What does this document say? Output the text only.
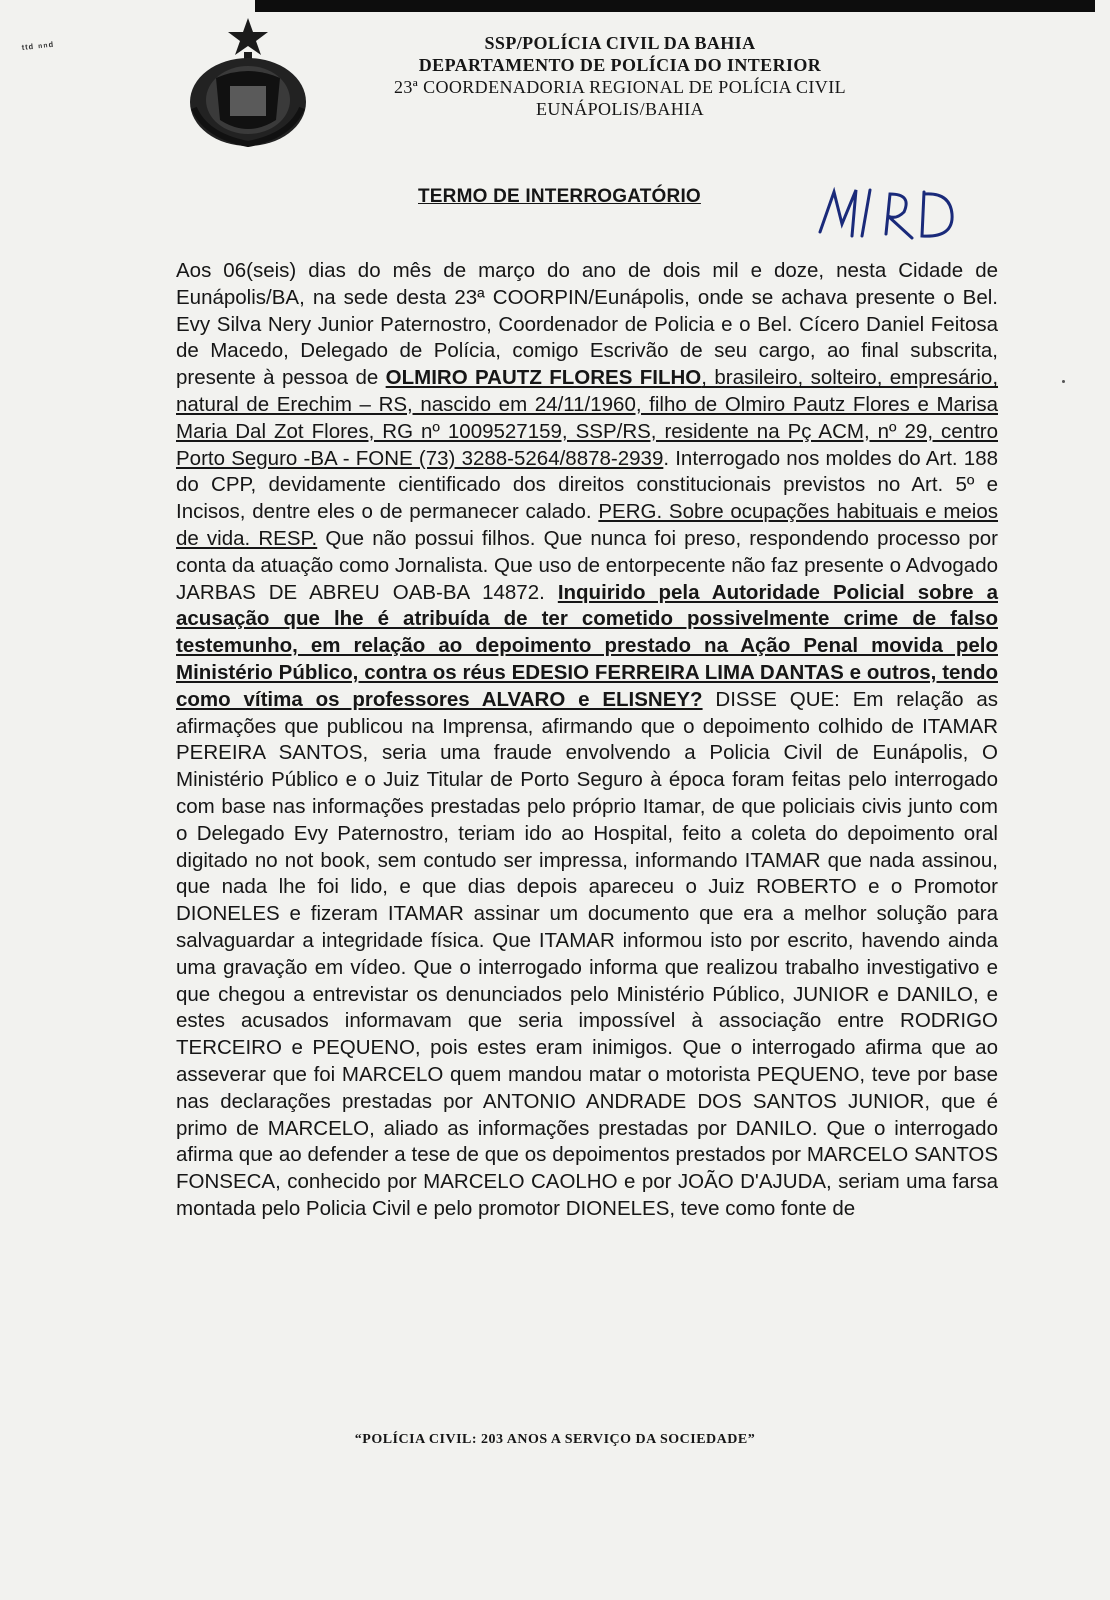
ᵗᵗᵈ ⁿⁿᵈ	SSP/POLÍCIA CIVIL DA BAHIA
DEPARTAMENTO DE POLÍCIA DO INTERIOR
23ª COORDENADORIA REGIONAL DE POLÍCIA CIVIL
EUNÁPOLIS/BAHIA
TERMO DE INTERROGATÓRIO

Aos 06(seis) dias do mês de março do ano de dois mil e doze, nesta Cidade de Eunápolis/BA, na sede desta 23ª COORPIN/Eunápolis, onde se achava presente o Bel. Evy Silva Nery Junior Paternostro, Coordenador de Policia e o Bel. Cícero Daniel Feitosa de Macedo, Delegado de Polícia, comigo Escrivão de seu cargo, ao final subscrita, presente à pessoa de OLMIRO PAUTZ FLORES FILHO, brasileiro, solteiro, empresário, natural de Erechim – RS, nascido em 24/11/1960, filho de Olmiro Pautz Flores e Marisa Maria Dal Zot Flores, RG nº 1009527159, SSP/RS, residente na Pç ACM, nº 29, centro Porto Seguro -BA - FONE (73) 3288-5264/8878-2939. Interrogado nos moldes do Art. 188 do CPP, devidamente cientificado dos direitos constitucionais previstos no Art. 5º e Incisos, dentre eles o de permanecer calado. PERG. Sobre ocupações habituais e meios de vida. RESP. Que não possui filhos. Que nunca foi preso, respondendo processo por conta da atuação como Jornalista. Que uso de entorpecente não faz presente o Advogado JARBAS DE ABREU OAB-BA 14872. Inquirido pela Autoridade Policial sobre a acusação que lhe é atribuída de ter cometido possivelmente crime de falso testemunho, em relação ao depoimento prestado na Ação Penal movida pelo Ministério Público, contra os réus EDESIO FERREIRA LIMA DANTAS e outros, tendo como vítima os professores ALVARO e ELISNEY? DISSE QUE: Em relação as afirmações que publicou na Imprensa, afirmando que o depoimento colhido de ITAMAR PEREIRA SANTOS, seria uma fraude envolvendo a Policia Civil de Eunápolis, O Ministério Público e o Juiz Titular de Porto Seguro à época foram feitas pelo interrogado com base nas informações prestadas pelo próprio Itamar, de que policiais civis junto com o Delegado Evy Paternostro, teriam ido ao Hospital, feito a coleta do depoimento oral digitado no not book, sem contudo ser impressa, informando ITAMAR que nada assinou, que nada lhe foi lido, e que dias depois apareceu o Juiz ROBERTO e o Promotor DIONELES e fizeram ITAMAR assinar um documento que era a melhor solução para salvaguardar a integridade física. Que ITAMAR informou isto por escrito, havendo ainda uma gravação em vídeo. Que o interrogado informa que realizou trabalho investigativo e que chegou a entrevistar os denunciados pelo Ministério Público, JUNIOR e DANILO, e estes acusados informavam que seria impossível à associação entre RODRIGO TERCEIRO e PEQUENO, pois estes eram inimigos. Que o interrogado afirma que ao asseverar que foi MARCELO quem mandou matar o motorista PEQUENO, teve por base nas declarações prestadas por ANTONIO ANDRADE DOS SANTOS JUNIOR, que é primo de MARCELO, aliado as informações prestadas por DANILO. Que o interrogado afirma que ao defender a tese de que os depoimentos prestados por MARCELO SANTOS FONSECA, conhecido por MARCELO CAOLHO e por JOÃO D'AJUDA, seriam uma farsa montada pelo Policia Civil e pelo promotor DIONELES, teve como fonte de

“POLÍCIA CIVIL: 203 ANOS A SERVIÇO DA SOCIEDADE”
